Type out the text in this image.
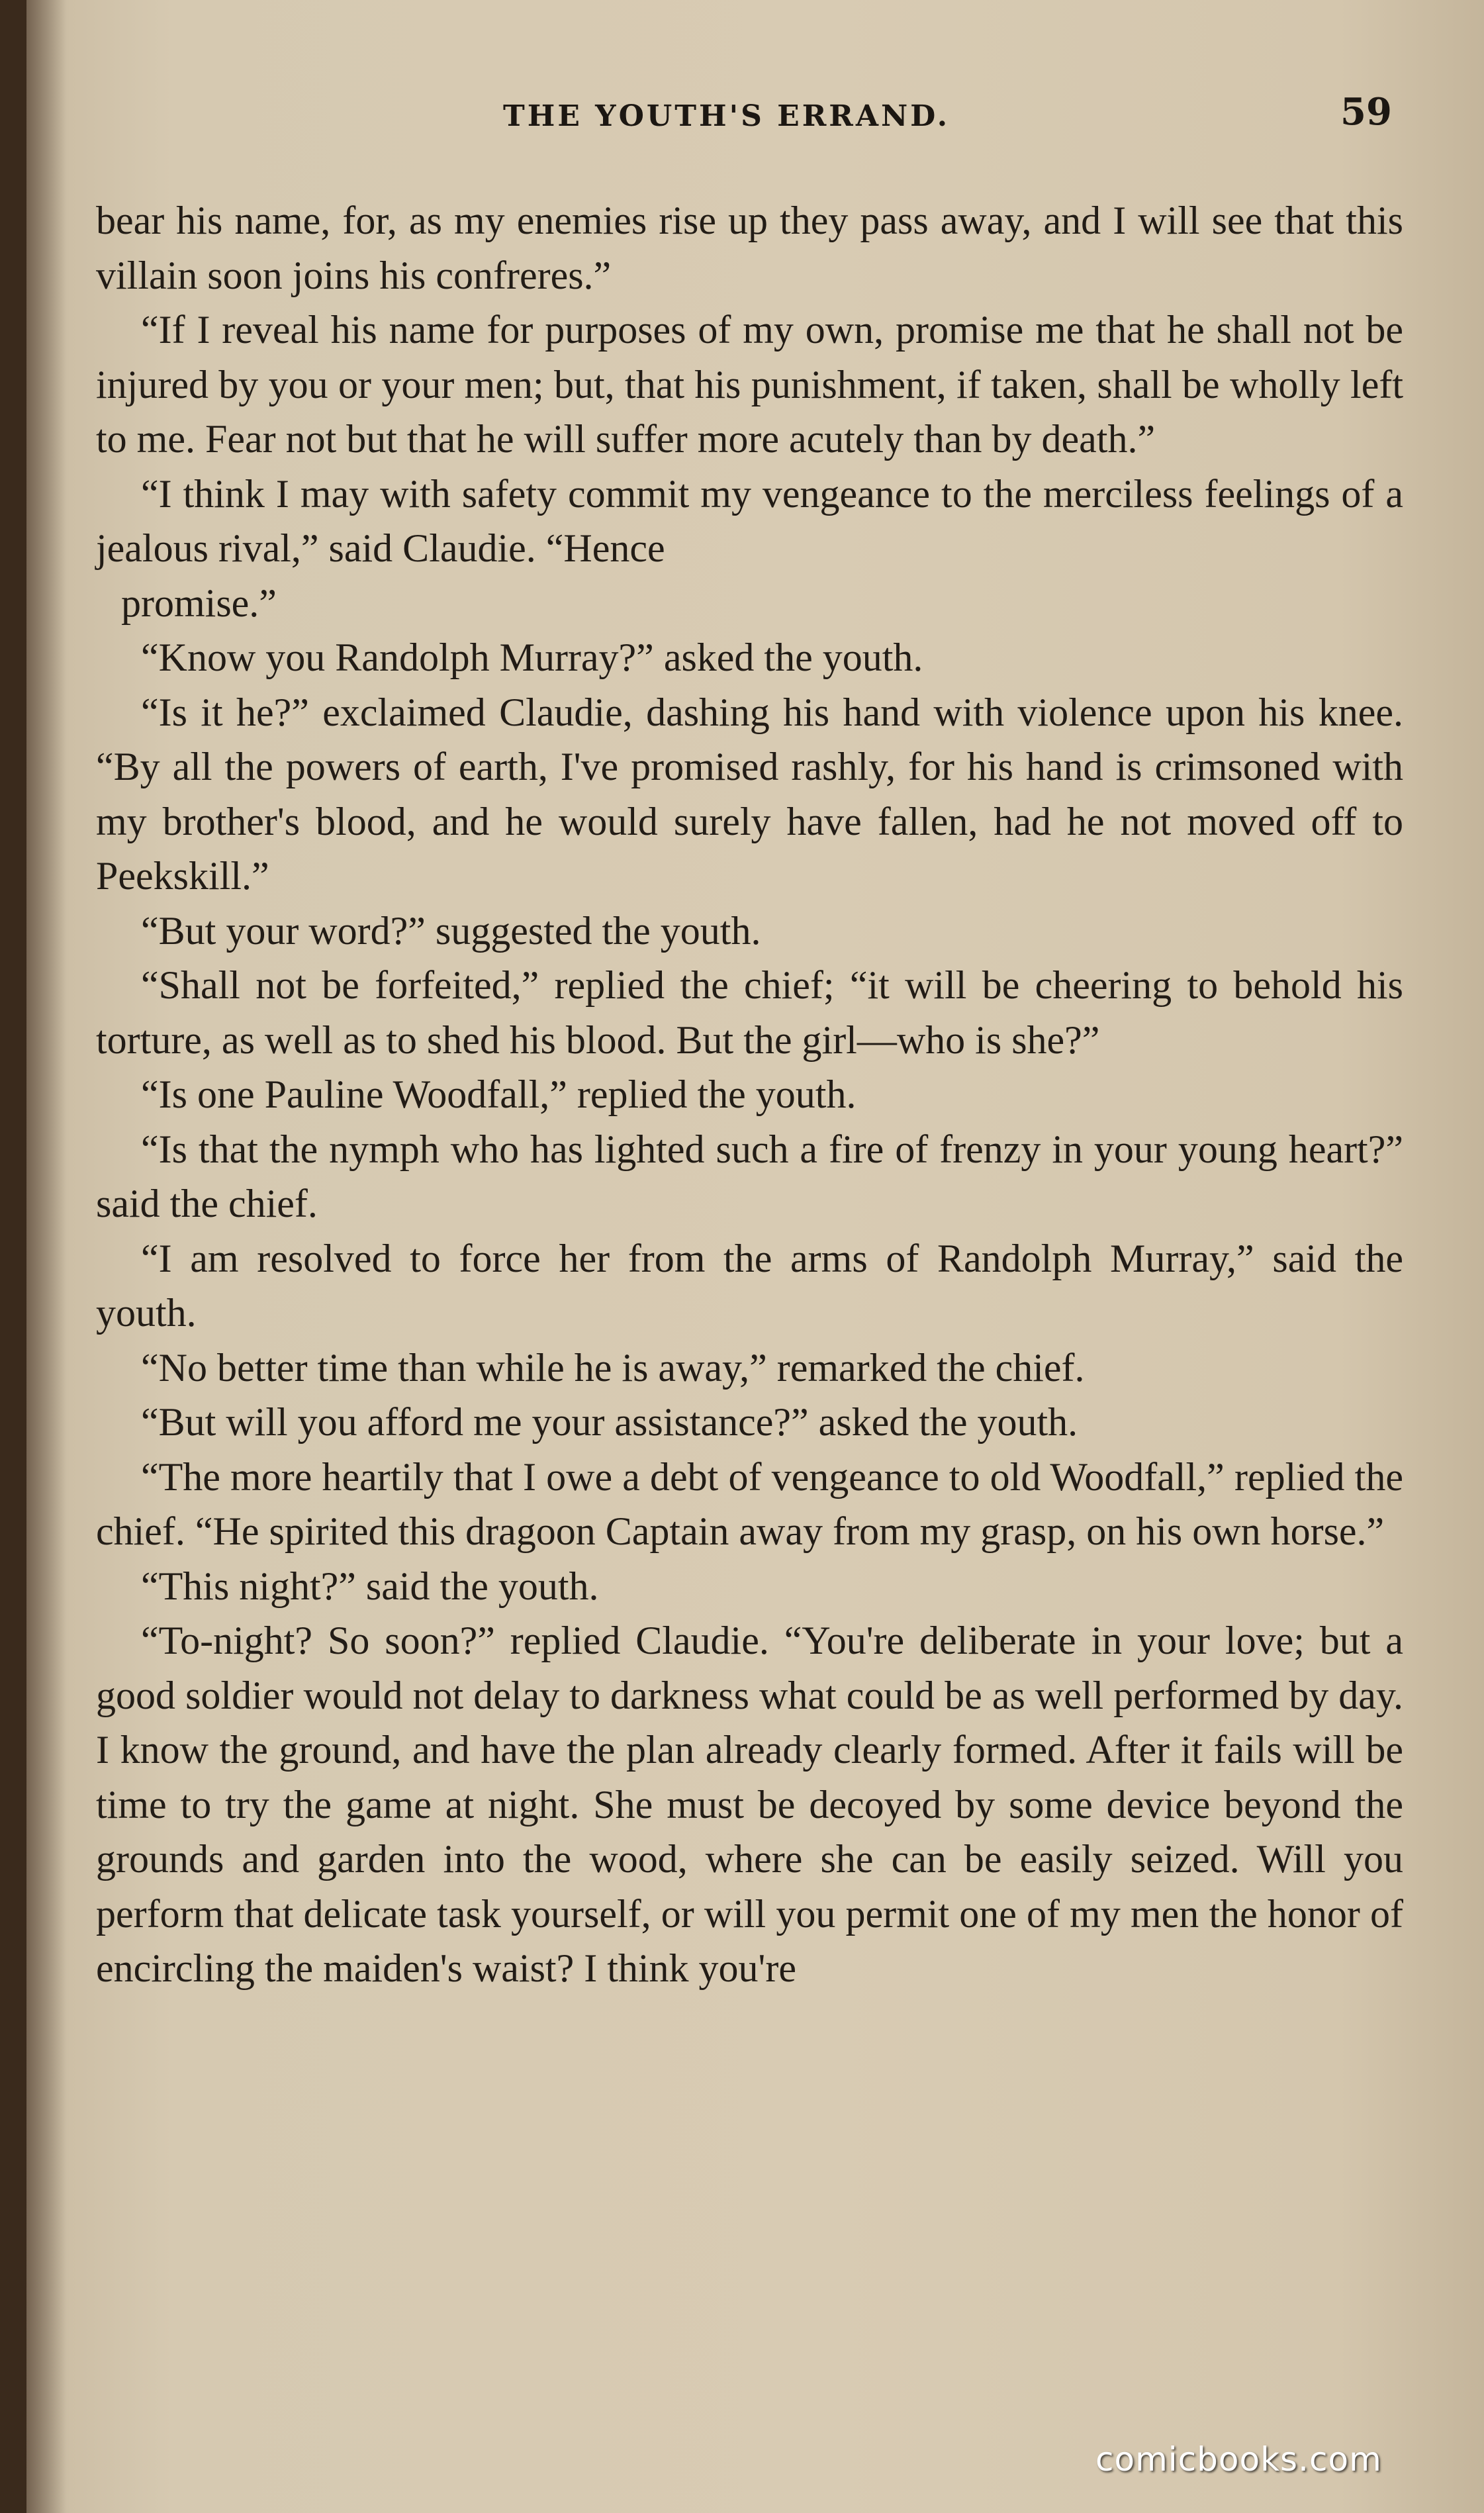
THE YOUTH'S ERRAND.	59

bear his name, for, as my enemies rise up they pass away, and I will see that this villain soon joins his confreres.”

“If I reveal his name for purposes of my own, promise me that he shall not be injured by you or your men; but, that his punishment, if taken, shall be wholly left to me. Fear not but that he will suffer more acutely than by death.”

“I think I may with safety commit my vengeance to the merciless feelings of a jealous rival,” said Claudie. “Hence

promise.”

“Know you Randolph Murray?” asked the youth.

“Is it he?” exclaimed Claudie, dashing his hand with violence upon his knee. “By all the powers of earth, I've promised rashly, for his hand is crimsoned with my brother's blood, and he would surely have fallen, had he not moved off to Peekskill.”

“But your word?” suggested the youth.

“Shall not be forfeited,” replied the chief; “it will be cheering to behold his torture, as well as to shed his blood. But the girl—who is she?”

“Is one Pauline Woodfall,” replied the youth.

“Is that the nymph who has lighted such a fire of frenzy in your young heart?” said the chief.

“I am resolved to force her from the arms of Randolph Murray,” said the youth.

“No better time than while he is away,” remarked the chief.

“But will you afford me your assistance?” asked the youth.

“The more heartily that I owe a debt of vengeance to old Woodfall,” replied the chief. “He spirited this dragoon Captain away from my grasp, on his own horse.”

“This night?” said the youth.

“To-night? So soon?” replied Claudie. “You're deliberate in your love; but a good soldier would not delay to darkness what could be as well performed by day. I know the ground, and have the plan already clearly formed. After it fails will be time to try the game at night. She must be decoyed by some device beyond the grounds and garden into the wood, where she can be easily seized. Will you perform that delicate task yourself, or will you permit one of my men the honor of encircling the maiden's waist? I think you're

comicbooks.com
